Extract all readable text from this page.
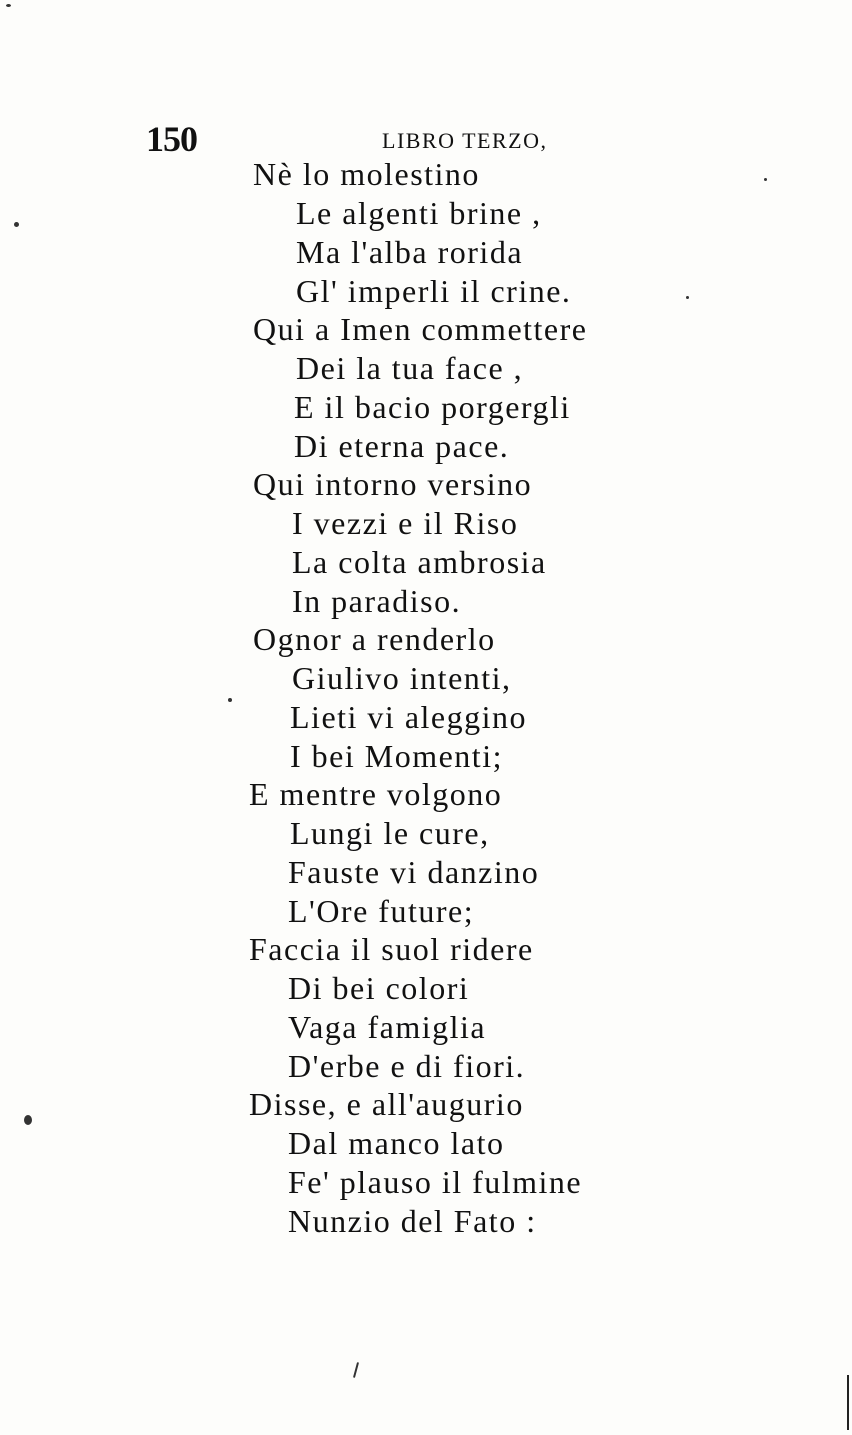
150	LIBRO TERZO,
Nè lo molestino
Le algenti brine ,
Ma l'alba rorida
Gl' imperli il crine.
Qui a Imen commettere
Dei la tua face ,
E il bacio porgergli
Di eterna pace.
Qui intorno versino
I vezzi e il Riso
La colta ambrosia
In paradiso.
Ognor a renderlo
Giulivo intenti,
Lieti vi aleggino
I bei Momenti;
E mentre volgono
Lungi le cure,
Fauste vi danzino
L'Ore future;
Faccia il suol ridere
Di bei colori
Vaga famiglia
D'erbe e di fiori.
Disse, e all'augurio
Dal manco lato
Fe' plauso il fulmine
Nunzio del Fato :
